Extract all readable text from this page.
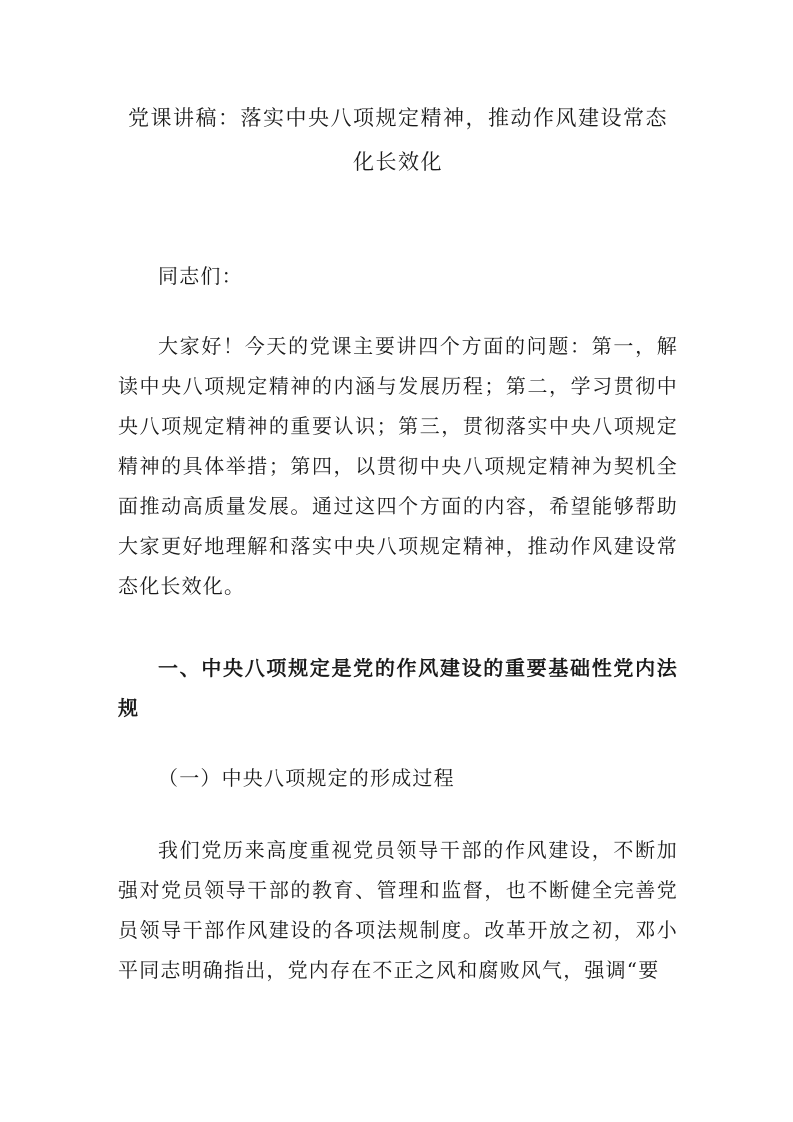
党课讲稿：落实中央八项规定精神，推动作风建设常态化长效化
同志们：
大家好！今天的党课主要讲四个方面的问题：第一，解读中央八项规定精神的内涵与发展历程；第二，学习贯彻中央八项规定精神的重要认识；第三，贯彻落实中央八项规定精神的具体举措；第四，以贯彻中央八项规定精神为契机全面推动高质量发展。通过这四个方面的内容，希望能够帮助大家更好地理解和落实中央八项规定精神，推动作风建设常态化长效化。
一、中央八项规定是党的作风建设的重要基础性党内法规
（一）中央八项规定的形成过程
我们党历来高度重视党员领导干部的作风建设，不断加强对党员领导干部的教育、管理和监督，也不断健全完善党员领导干部作风建设的各项法规制度。改革开放之初，邓小平同志明确指出，党内存在不正之风和腐败风气，强调“要
